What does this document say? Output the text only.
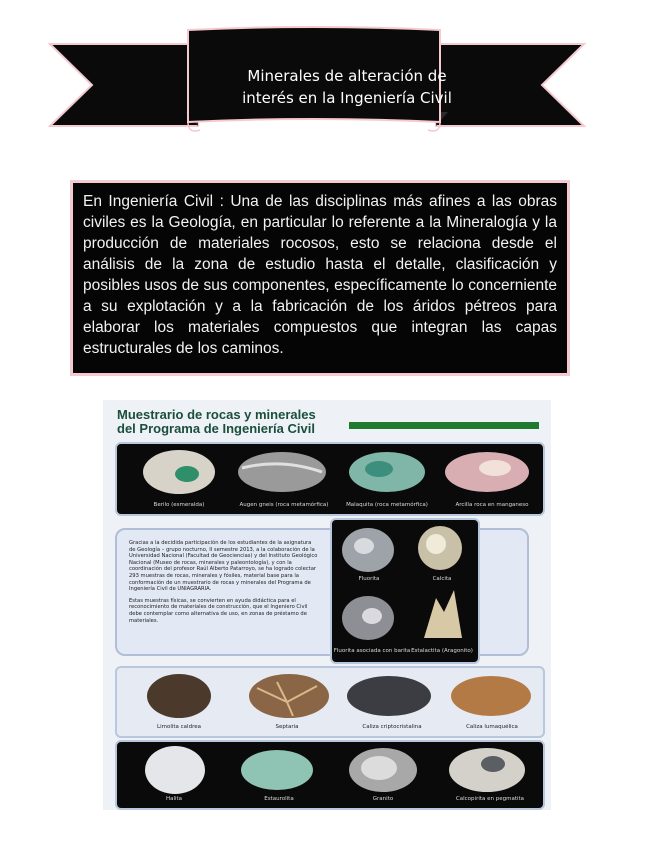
Minerales de alteración de
interés en la Ingeniería Civil

En Ingeniería Civil : Una de las disciplinas más afines a las obras civiles es la Geología, en particular lo referente a la Mineralogía y la producción de materiales rocosos, esto se relaciona desde el análisis de la zona de estudio hasta el detalle, clasificación y posibles usos de sus componentes, específicamente lo concerniente a su explotación y a la fabricación de los áridos pétreos para elaborar los materiales compuestos que integran las capas estructurales de los caminos.

Muestrario de rocas y minerales
del Programa de Ingeniería Civil
Berilo (esmeralda)	Augen gneis (roca metamórfica)	Malaquita (roca metamórfica)	Arcilla roca en manganeso

Gracias a la decidida participación de los estudiantes de la asignatura de Geología – grupo nocturno, II semestre 2013, a la colaboración de la Universidad Nacional (Facultad de Geociencias) y del Instituto Geológico Nacional (Museo de rocas, minerales y paleontología), y con la coordinación del profesor Raúl Alberto Patarroyo, se ha logrado colectar 293 muestras de rocas, minerales y fósiles, material base para la conformación de un muestrario de rocas y minerales del Programa de Ingeniería Civil de UNIAGRARIA.

Estas muestras físicas, se convierten en ayuda didáctica para el reconocimiento de materiales de construcción, que el Ingeniero Civil debe contemplar como alternativa de uso, en zonas de préstamo de materiales.

Fluorita	Calcita
Fluorita asociada con barita Estalactita (Aragonito)
Limolita caldrea	Septaria	Caliza criptocristalina	Caliza lumaquélica
Halita	Estaurolita	Granito	Calcopirita en pegmatita
